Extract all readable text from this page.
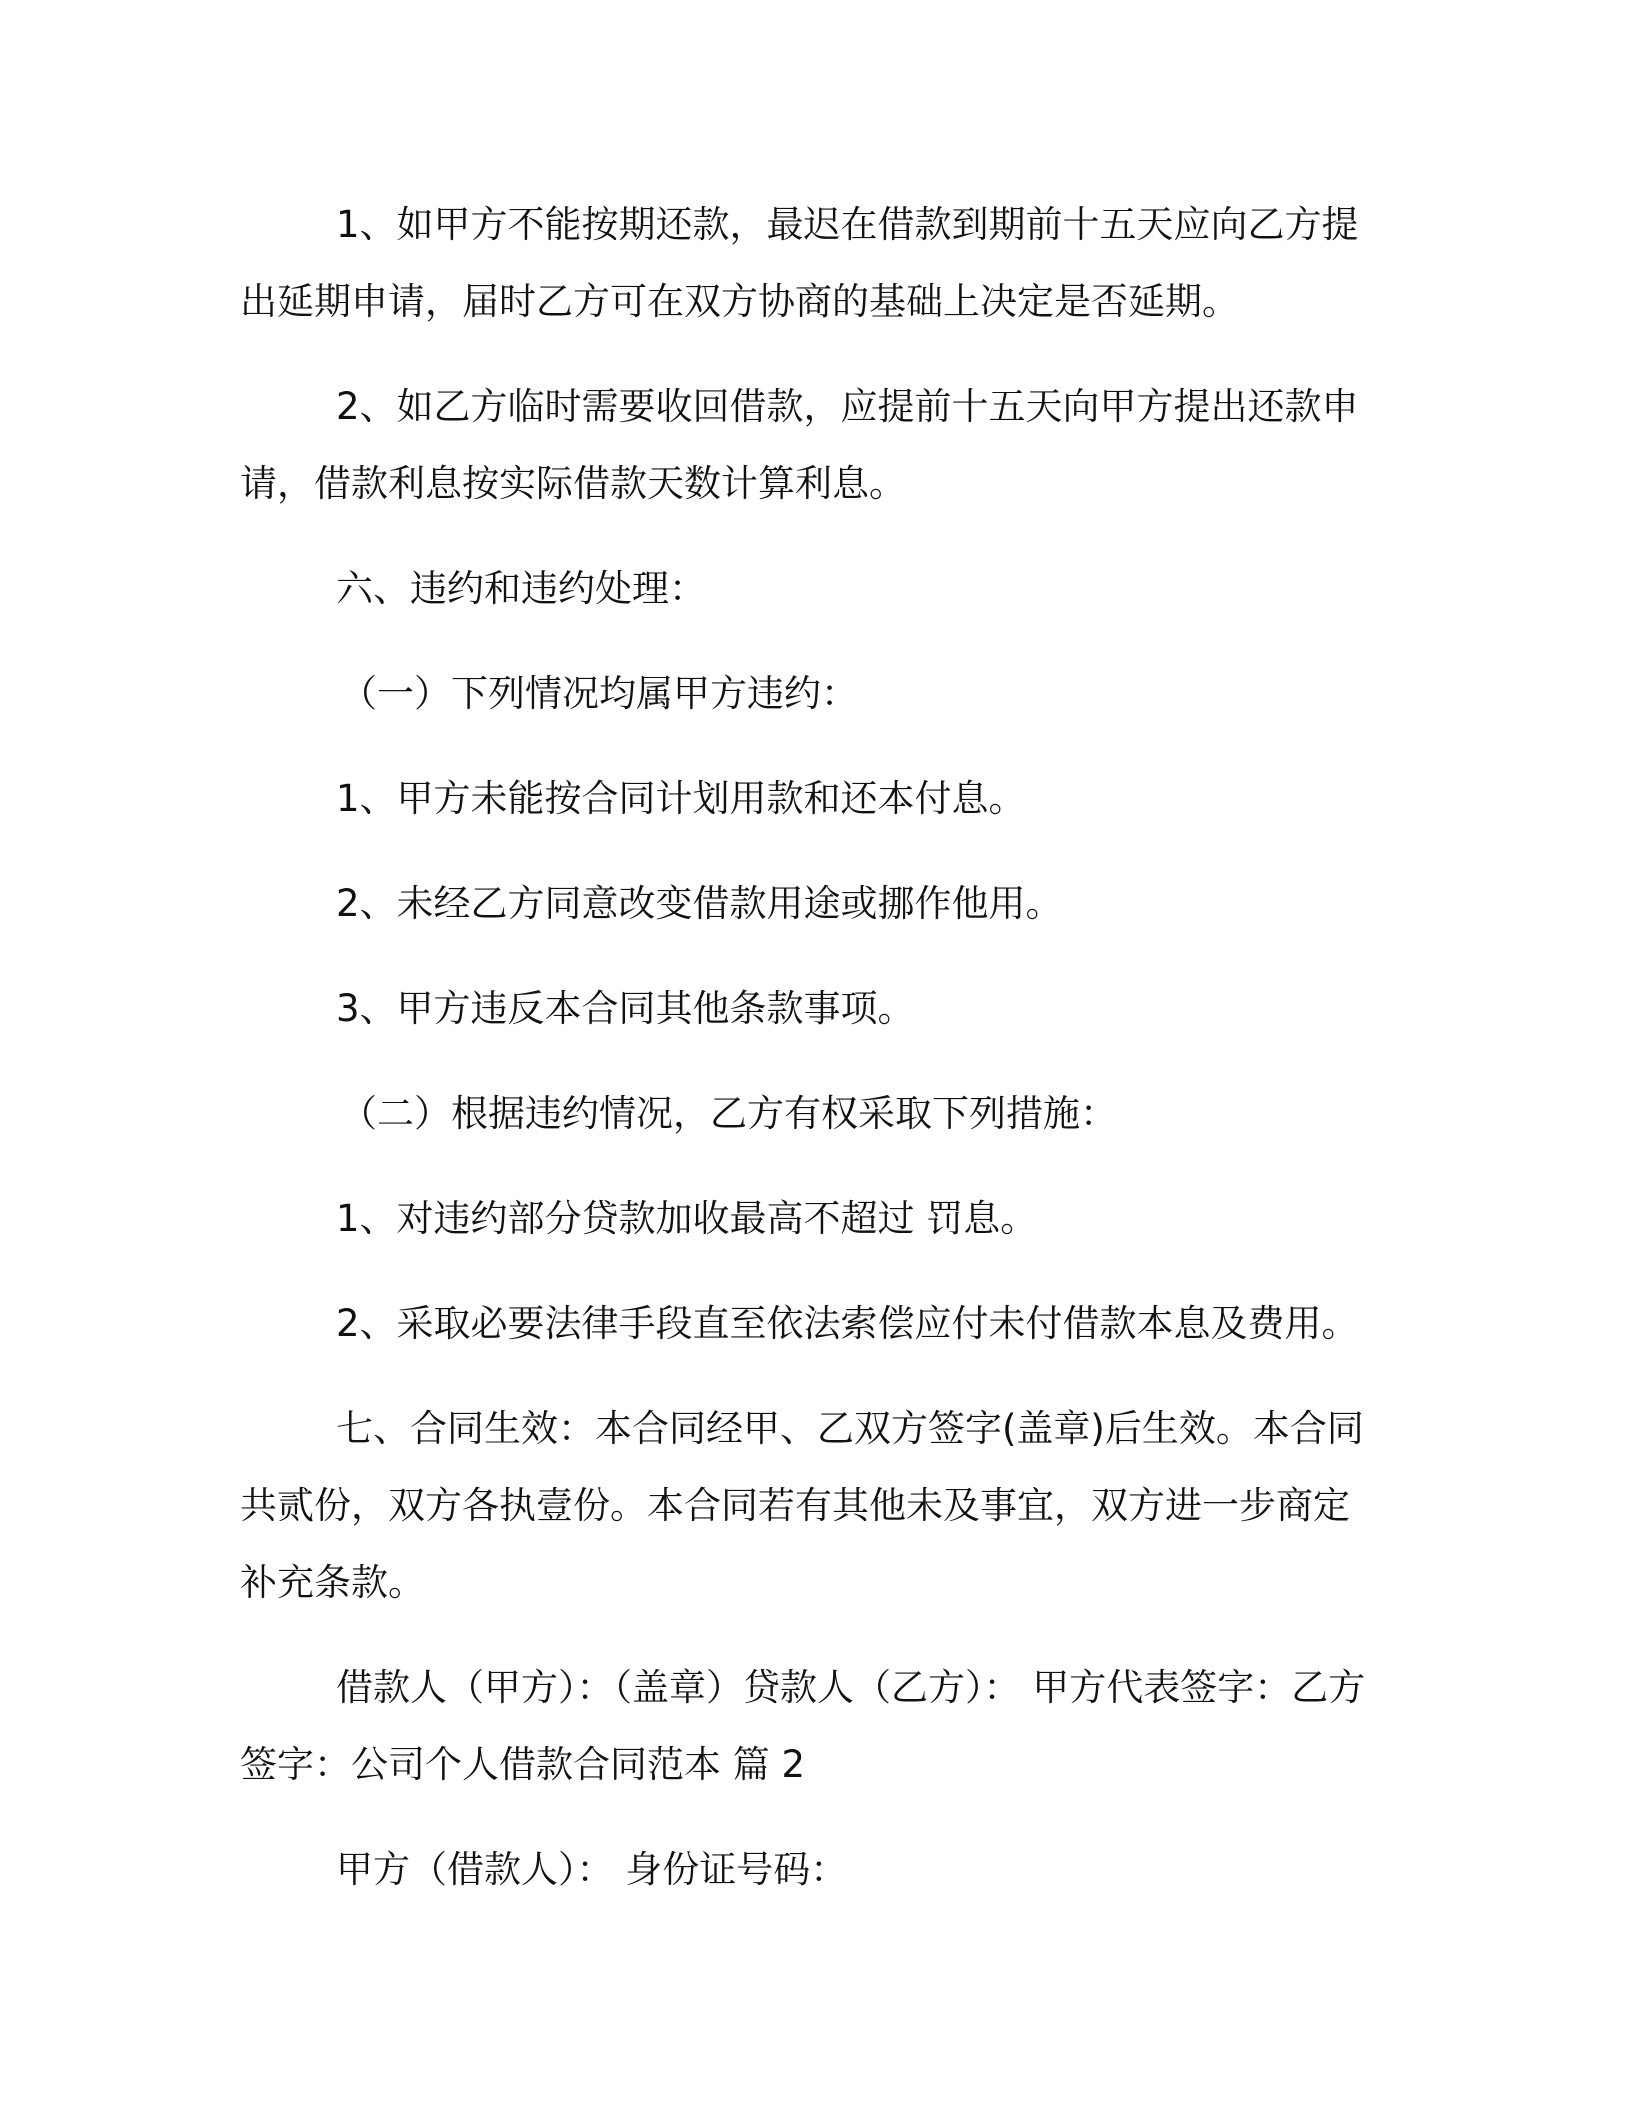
1、如甲方不能按期还款，最迟在借款到期前十五天应向乙方提出延期申请，届时乙方可在双方协商的基础上决定是否延期。

2、如乙方临时需要收回借款，应提前十五天向甲方提出还款申请，借款利息按实际借款天数计算利息。

六、违约和违约处理：

（一）下列情况均属甲方违约：

1、甲方未能按合同计划用款和还本付息。

2、未经乙方同意改变借款用途或挪作他用。

3、甲方违反本合同其他条款事项。

（二）根据违约情况，乙方有权采取下列措施：

1、对违约部分贷款加收最高不超过 罚息。

2、采取必要法律手段直至依法索偿应付未付借款本息及费用。

七、合同生效：本合同经甲、乙双方签字(盖章)后生效。本合同共贰份，双方各执壹份。本合同若有其他未及事宜，双方进一步商定补充条款。

借款人（甲方）：（盖章）贷款人（乙方）： 甲方代表签字：乙方签字：公司个人借款合同范本 篇 2

甲方（借款人）： 身份证号码：
